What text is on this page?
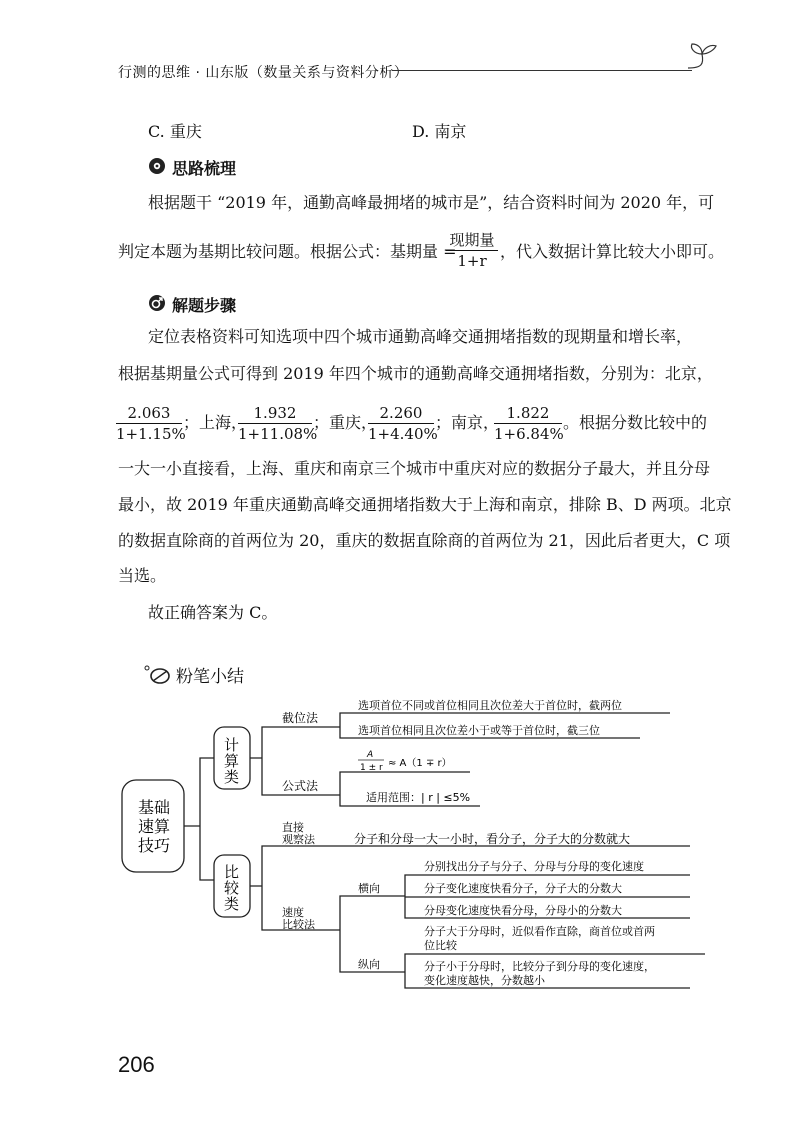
行测的思维 · 山东版（数量关系与资料分析）
C. 重庆	D. 南京
思路梳理
根据题干 “2019 年，通勤高峰最拥堵的城市是”，结合资料时间为 2020 年，可
判定本题为基期比较问题。根据公式：基期量 =
现期量
1+r ，代入数据计算比较大小即可。
解题步骤
定位表格资料可知选项中四个城市通勤高峰交通拥堵指数的现期量和增长率，
根据基期量公式可得到 2019 年四个城市的通勤高峰交通拥堵指数，分别为：北京，
$\frac{2.063}{1+1.15\%}$ ；上海，
$\frac{1.932}{1+11.08\%}$ ；重庆，
$\frac{2.260}{1+4.40\%}$ ；南京，
$\frac{1.822}{1+6.84\%}$ 。根据分数比较中的
一大一小直接看，上海、重庆和南京三个城市中重庆对应的数据分子最大，并且分母
最小，故 2019 年重庆通勤高峰交通拥堵指数大于上海和南京，排除 B、D 两项。北京
的数据直除商的首两位为 20，重庆的数据直除商的首两位为 21，因此后者更大，C 项
当选。
故正确答案为 C。
粉笔小结
基础
速算
技巧
计
算
类
比
较
类
截位法
选项首位不同或首位相同且次位差大于首位时，截两位
选项首位相同且次位差小于或等于首位时，截三位
公式法
A
1 ± r ≈ A（1 ∓ r）
适用范围：| r | ≤5%
直接
观察法	分子和分母一大一小时，看分子，分子大的分数就大
速度
比较法
横向
分别找出分子与分子、分母与分母的变化速度
分子变化速度快看分子，分子大的分数大
分母变化速度快看分母，分母小的分数大
纵向
分子大于分母时，近似看作直除，商首位或首两
位比较
分子小于分母时，比较分子到分母的变化速度，
变化速度越快，分数越小
206
